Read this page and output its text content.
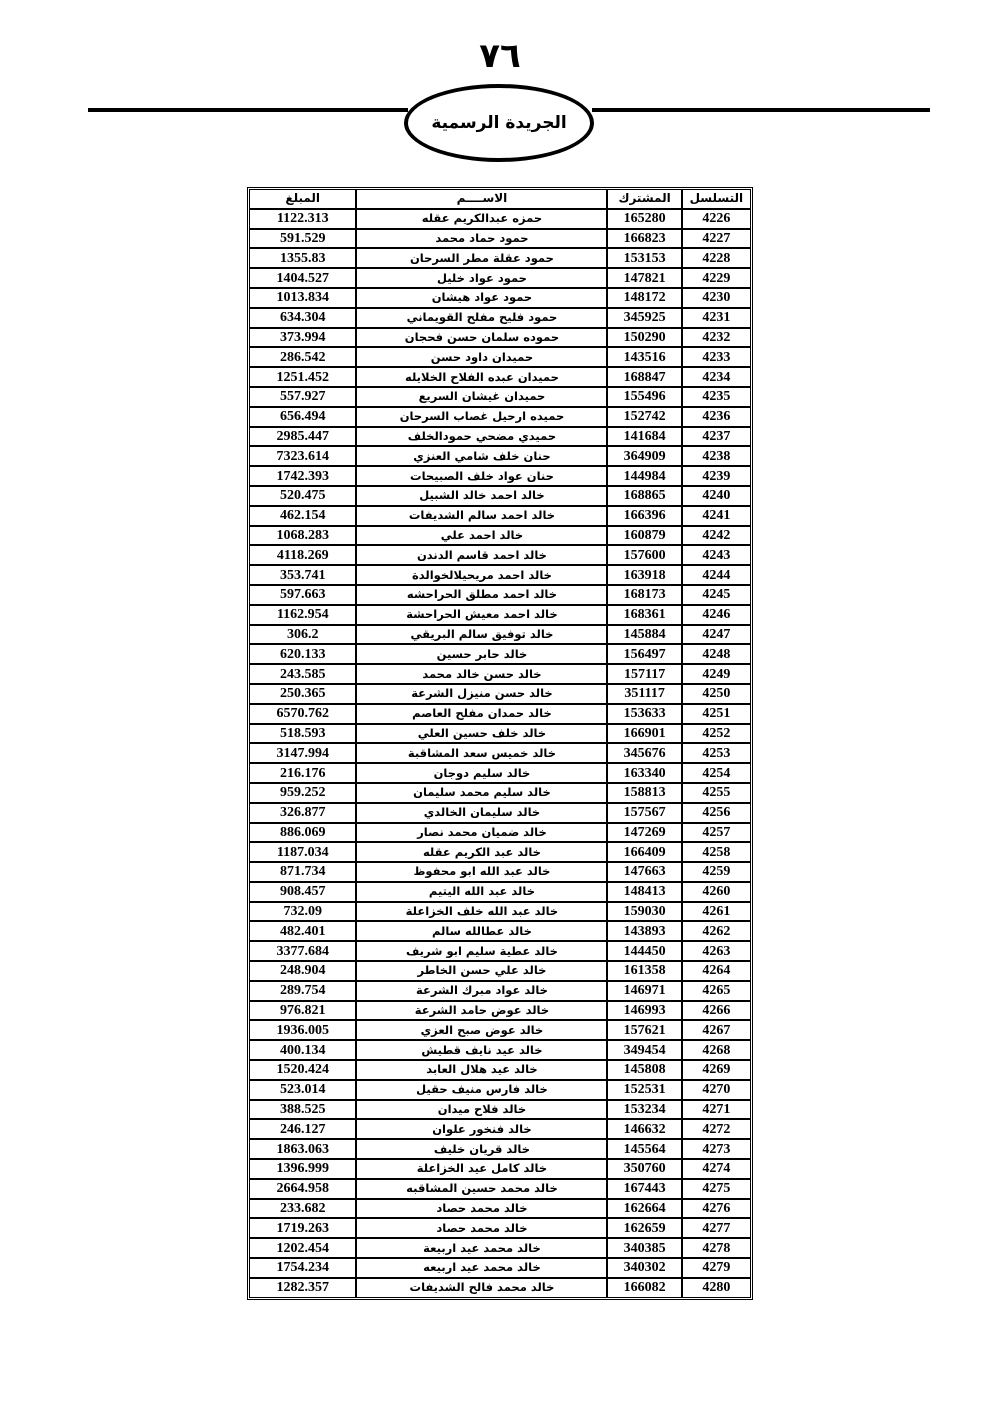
٧٦
الجريدة الرسمية
التسلسل	المشترك	الاســــم	المبلغ
4226	165280	حمزه عبدالكريم عقله	1122.313
4227	166823	حمود حماد محمد	591.529
4228	153153	حمود عقلة مطر السرحان	1355.83
4229	147821	حمود عواد خليل	1404.527
4230	148172	حمود عواد هيشان	1013.834
4231	345925	حمود فليح مفلح القويماني	634.304
4232	150290	حموده سلمان حسن فحجان	373.994
4233	143516	حميدان داود حسن	286.542
4234	168847	حميدان عبده الفلاح الخلايله	1251.452
4235	155496	حميدان غيشان السريع	557.927
4236	152742	حميده ارحيل غصاب السرحان	656.494
4237	141684	حميدي مضحي حمودالخلف	2985.447
4238	364909	حنان خلف شامي العنزي	7323.614
4239	144984	حنان عواد خلف الصبيحات	1742.393
4240	168865	خالد احمد خالد الشبيل	520.475
4241	166396	خالد احمد سالم الشديفات	462.154
4242	160879	خالد احمد علي	1068.283
4243	157600	خالد احمد قاسم الدندن	4118.269
4244	163918	خالد احمد مريحيلالخوالدة	353.741
4245	168173	خالد احمد مطلق الحراحشه	597.663
4246	168361	خالد احمد معيش الحراحشة	1162.954
4247	145884	خالد توفيق سالم البريقي	306.2
4248	156497	خالد حابر حسين	620.133
4249	157117	خالد حسن خالد محمد	243.585
4250	351117	خالد حسن منيزل الشرعة	250.365
4251	153633	خالد حمدان مفلح العاصم	6570.762
4252	166901	خالد خلف حسين العلي	518.593
4253	345676	خالد خميس سعد المشاقبة	3147.994
4254	163340	خالد سليم دوجان	216.176
4255	158813	خالد سليم محمد سليمان	959.252
4256	157567	خالد سليمان الخالدي	326.877
4257	147269	خالد ضميان محمد نصار	886.069
4258	166409	خالد عبد الكريم عقله	1187.034
4259	147663	خالد عبد الله ابو محفوظ	871.734
4260	148413	خالد عبد الله اليتيم	908.457
4261	159030	خالد عبد الله خلف الخزاعلة	732.09
4262	143893	خالد عطالله سالم	482.401
4263	144450	خالد عطية سليم ابو شريف	3377.684
4264	161358	خالد علي حسن الخاطر	248.904
4265	146971	خالد عواد مبرك الشرعة	289.754
4266	146993	خالد عوض حامد الشرعة	976.821
4267	157621	خالد عوض صبح العزي	1936.005
4268	349454	خالد عيد نايف قطيش	400.134
4269	145808	خالد عيد هلال العابد	1520.424
4270	152531	خالد فارس منيف حقيل	523.014
4271	153234	خالد فلاح ميدان	388.525
4272	146632	خالد فنخور علوان	246.127
4273	145564	خالد قريان خليف	1863.063
4274	350760	خالد كامل عيد الخزاعلة	1396.999
4275	167443	خالد محمد حسين المشاقبه	2664.958
4276	162664	خالد محمد حصاد	233.682
4277	162659	خالد محمد حصاد	1719.263
4278	340385	خالد محمد عيد اربيعة	1202.454
4279	340302	خالد محمد عيد اربيعه	1754.234
4280	166082	خالد محمد فالح الشديفات	1282.357
